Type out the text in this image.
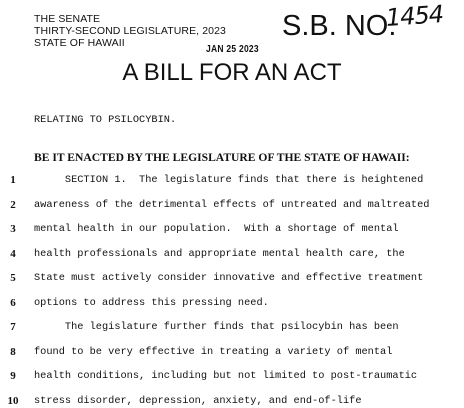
THE SENATE
THIRTY-SECOND LEGISLATURE, 2023
STATE OF HAWAII
S.B. NO.
1454
JAN 25 2023
A BILL FOR AN ACT
RELATING TO PSILOCYBIN.
BE IT ENACTED BY THE LEGISLATURE OF THE STATE OF HAWAII:
1	SECTION 1.  The legislature finds that there is heightened
2	awareness of the detrimental effects of untreated and maltreated
3	mental health in our population.  With a shortage of mental
4	health professionals and appropriate mental health care, the
5	State must actively consider innovative and effective treatment
6	options to address this pressing need.
7	The legislature further finds that psilocybin has been
8	found to be very effective in treating a variety of mental
9	health conditions, including but not limited to post-traumatic
10 stress disorder, depression, anxiety, and end-of-life
